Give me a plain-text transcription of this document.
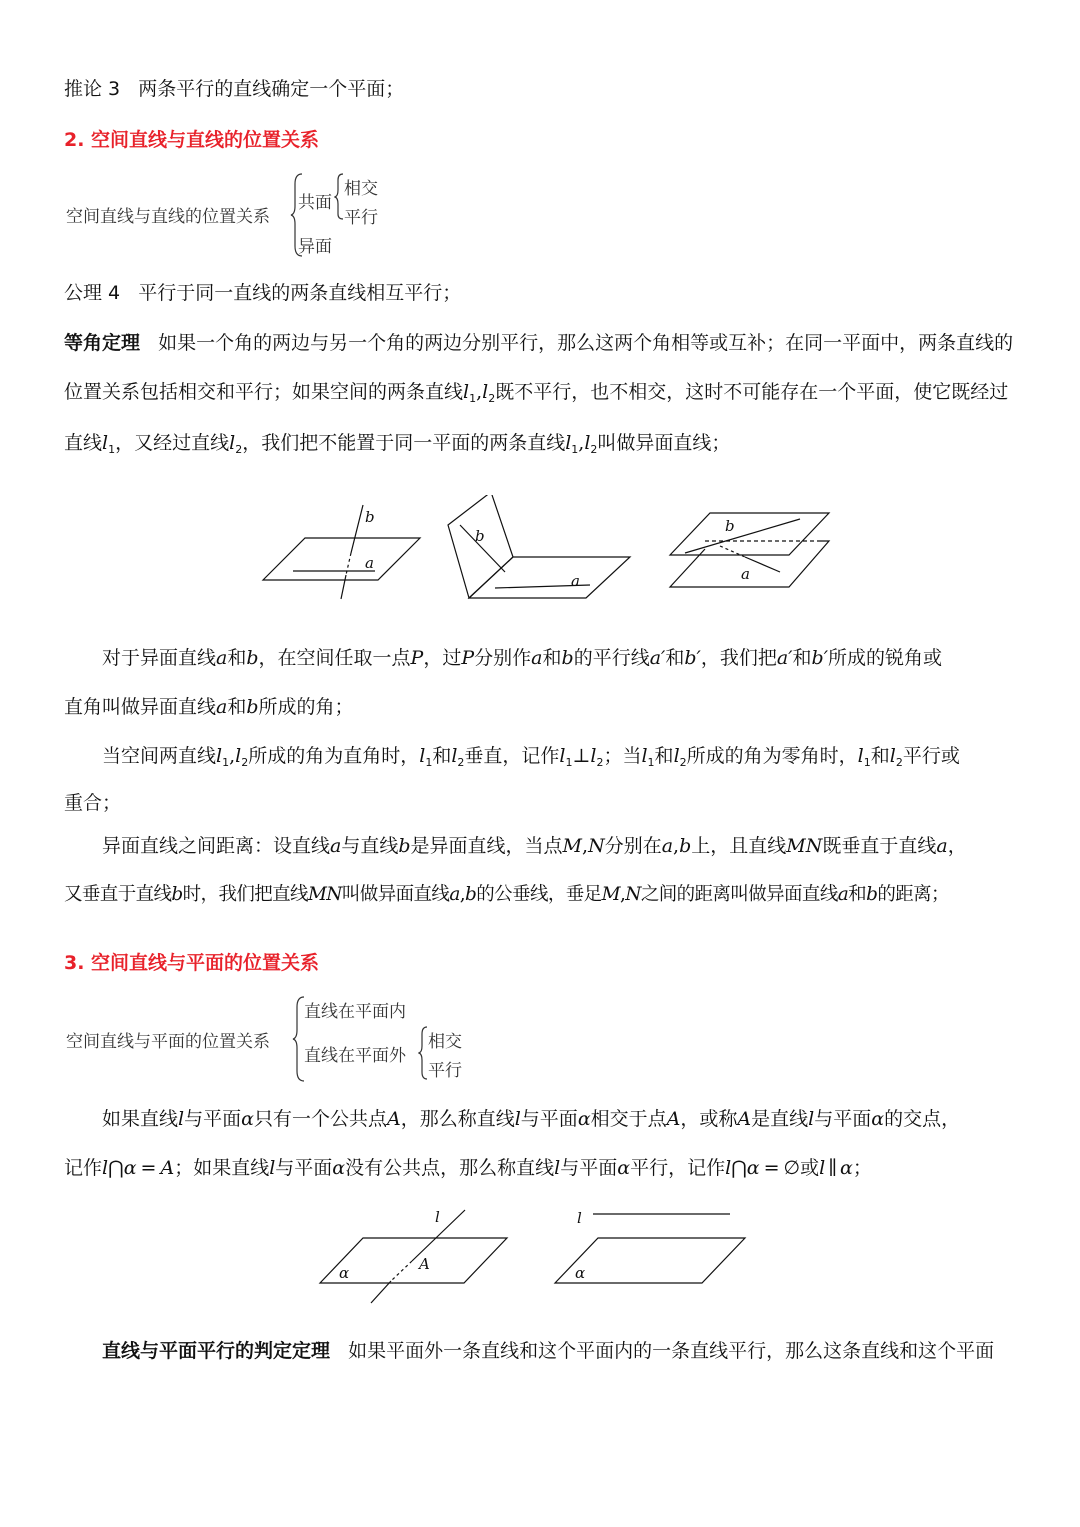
推论 3 两条平行的直线确定一个平面；
2. 空间直线与直线的位置关系
空间直线与直线的位置关系
共面
相交
平行
异面
公理 4 平行于同一直线的两条直线相互平行；
等角定理 如果一个角的两边与另一个角的两边分别平行，那么这两个角相等或互补；在同一平面中，两条直线的
位置关系包括相交和平行；如果空间的两条直线$l_1,l_2$既不平行，也不相交，这时不可能存在一个平面，使它既经过
直线$l_1$，又经过直线$l_2$，我们把不能置于同一平面的两条直线$l_1,l_2$叫做异面直线；
b
a
b
a
b
a
对于异面直线a和b，在空间任取一点P，过P分别作a和b的平行线a′和b′，我们把a′和b′所成的锐角或
直角叫做异面直线a和b所成的角；
当空间两直线$l_1,l_2$所成的角为直角时，$l_1$和$l_2$垂直，记作$l_1\perp l_2$；当$l_1$和$l_2$所成的角为零角时，$l_1$和$l_2$平行或
重合；
异面直线之间距离：设直线a与直线b是异面直线，当点M,N分别在a,b上，且直线MN既垂直于直线a，
又垂直于直线b时，我们把直线MN叫做异面直线a,b的公垂线，垂足M,N之间的距离叫做异面直线a和b的距离；
3. 空间直线与平面的位置关系
空间直线与平面的位置关系
直线在平面内
直线在平面外
相交
平行
如果直线l与平面α只有一个公共点A，那么称直线l与平面α相交于点A，或称A是直线l与平面α的交点，
记作l⋂α = A；如果直线l与平面α没有公共点，那么称直线l与平面α平行，记作l⋂α = ∅或l ∥ α；
l
A
α
l
α
直线与平面平行的判定定理 如果平面外一条直线和这个平面内的一条直线平行，那么这条直线和这个平面
